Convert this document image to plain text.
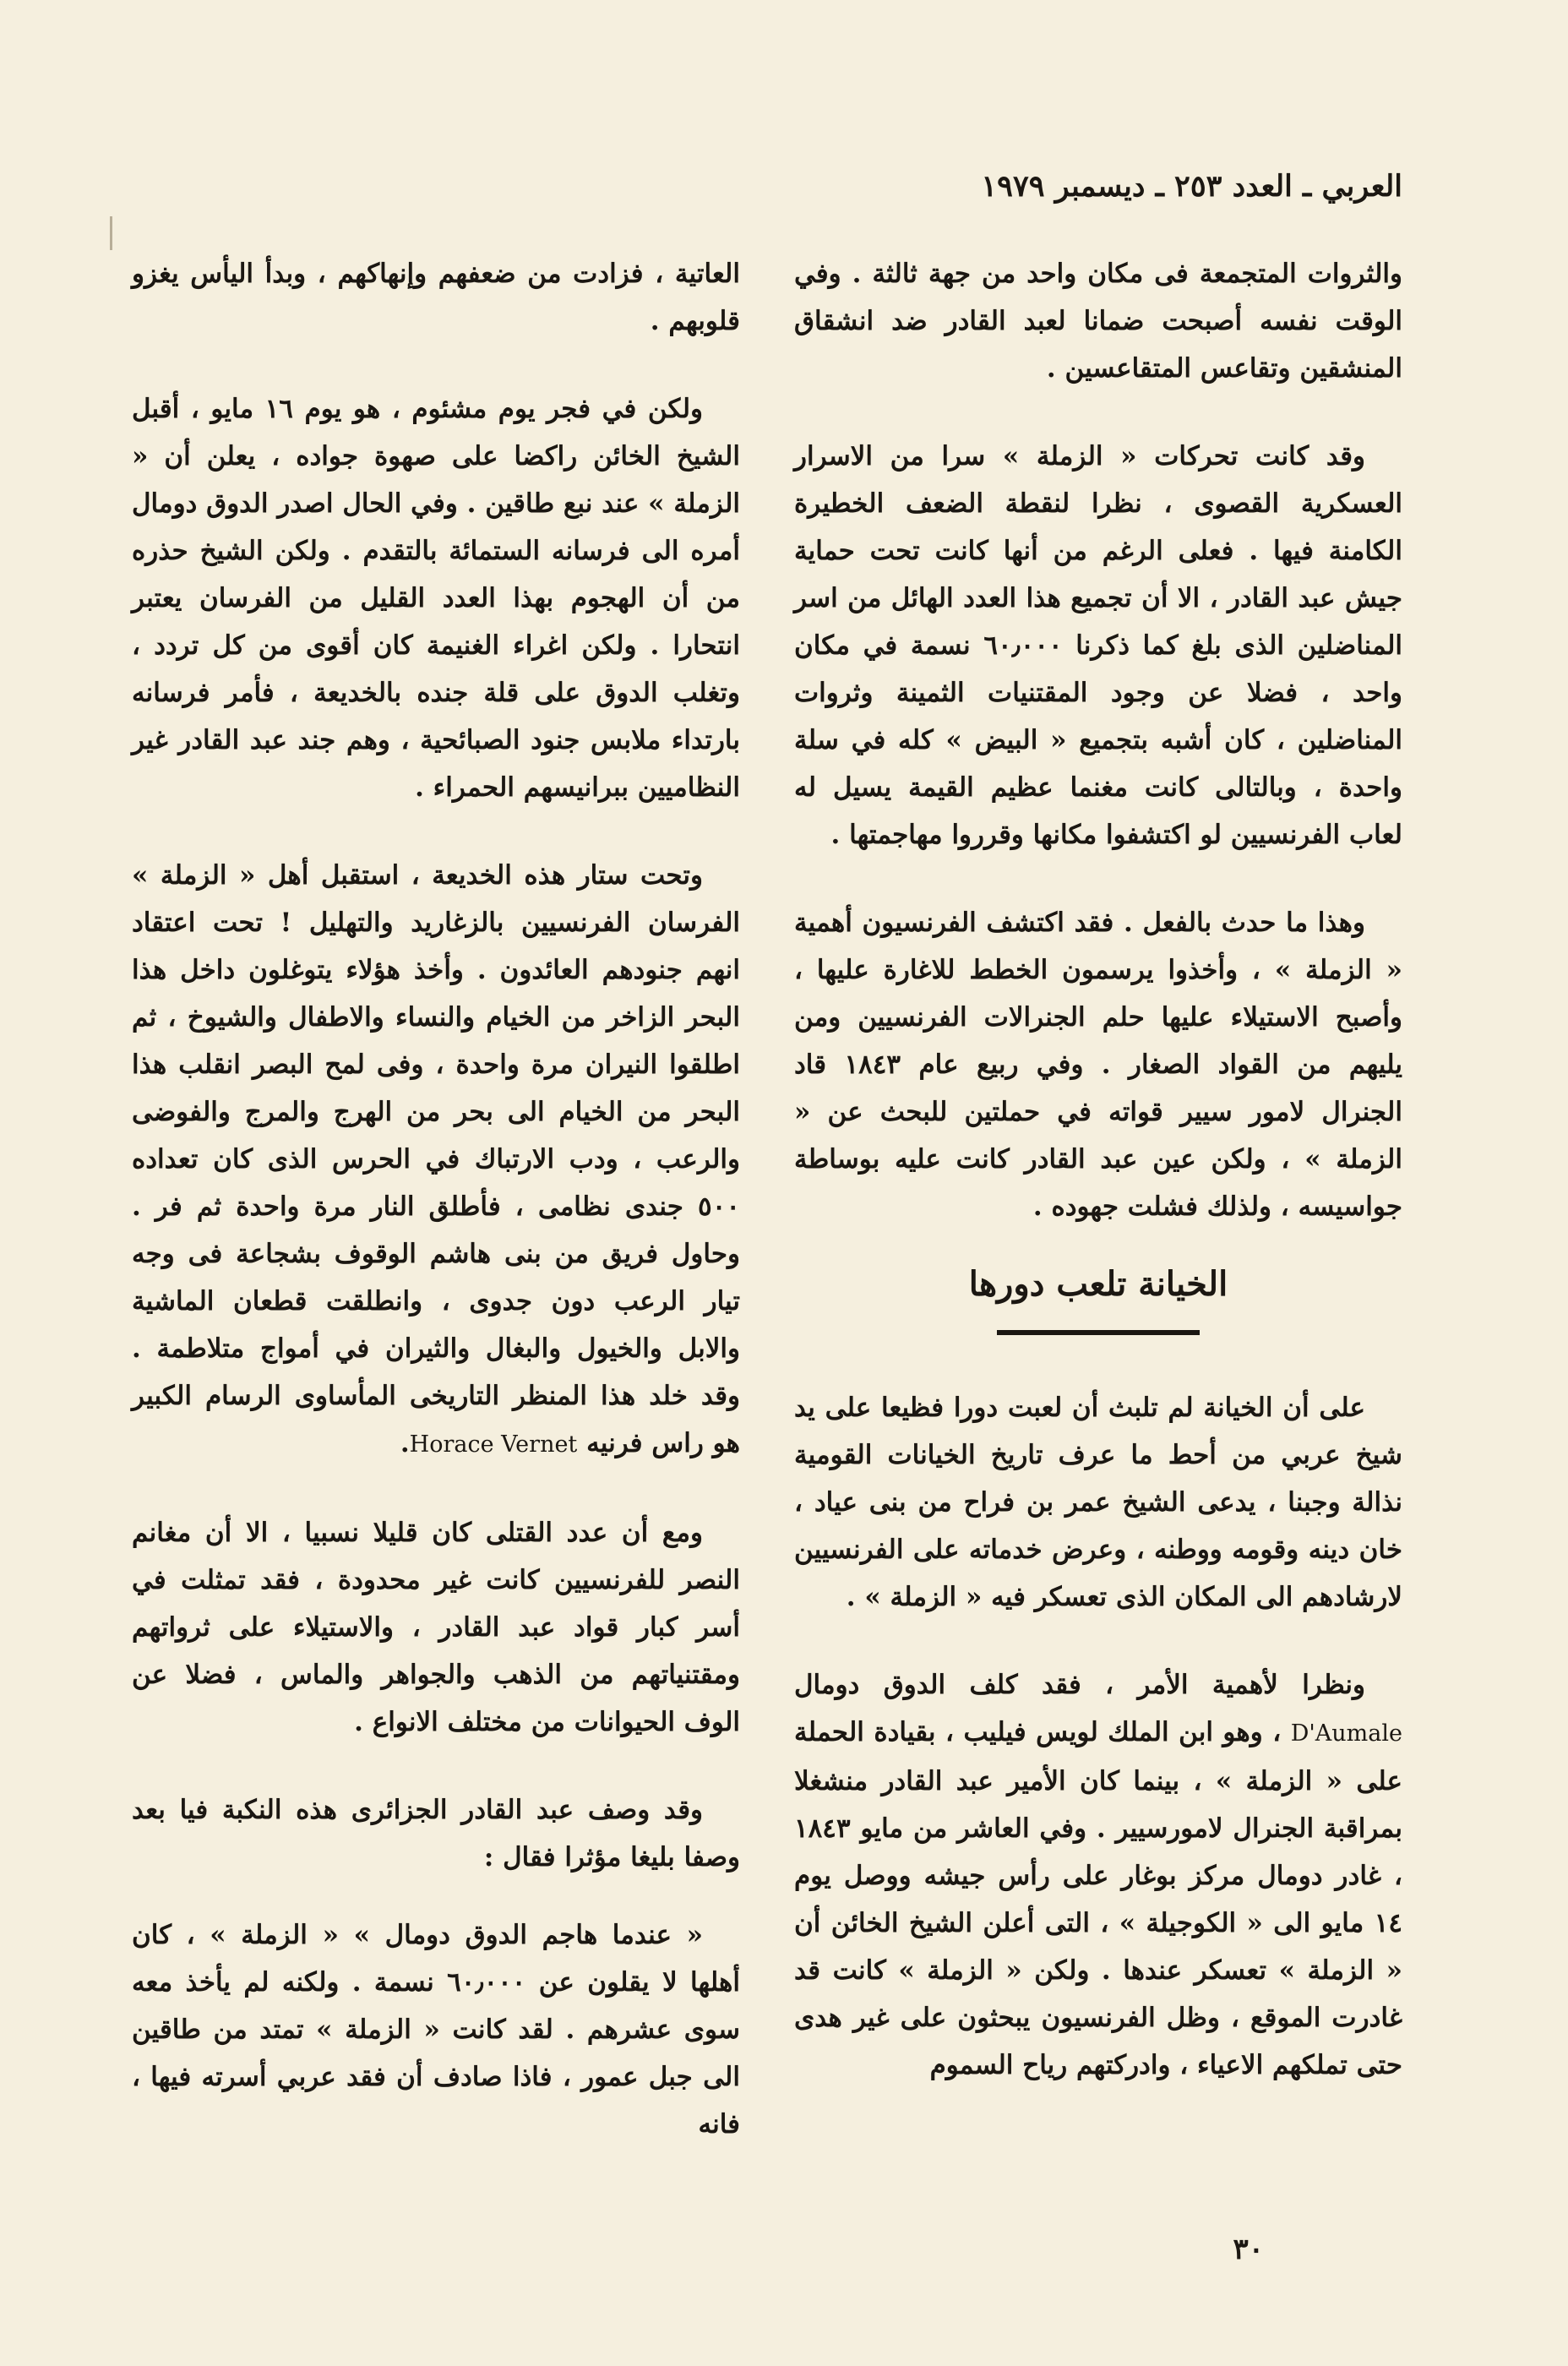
العربي ـ العدد ٢٥٣ ـ ديسمبر ١٩٧٩

والثروات المتجمعة فى مكان واحد من جهة ثالثة . وفي الوقت نفسه أصبحت ضمانا لعبد القادر ضد انشقاق المنشقين وتقاعس المتقاعسين .

وقد كانت تحركات « الزملة » سرا من الاسرار العسكرية القصوى ، نظرا لنقطة الضعف الخطيرة الكامنة فيها . فعلى الرغم من أنها كانت تحت حماية جيش عبد القادر ، الا أن تجميع هذا العدد الهائل من اسر المناضلين الذى بلغ كما ذكرنا ٦٠٫٠٠٠ نسمة في مكان واحد ، فضلا عن وجود المقتنيات الثمينة وثروات المناضلين ، كان أشبه بتجميع « البيض » كله في سلة واحدة ، وبالتالى كانت مغنما عظيم القيمة يسيل له لعاب الفرنسيين لو اكتشفوا مكانها وقرروا مهاجمتها .

وهذا ما حدث بالفعل . فقد اكتشف الفرنسيون أهمية « الزملة » ، وأخذوا يرسمون الخطط للاغارة عليها ، وأصبح الاستيلاء عليها حلم الجنرالات الفرنسيين ومن يليهم من القواد الصغار . وفي ربيع عام ١٨٤٣ قاد الجنرال لامور سيير قواته في حملتين للبحث عن « الزملة » ، ولكن عين عبد القادر كانت عليه بوساطة جواسيسه ، ولذلك فشلت جهوده .

الخيانة تلعب دورها

على أن الخيانة لم تلبث أن لعبت دورا فظيعا على يد شيخ عربي من أحط ما عرف تاريخ الخيانات القومية نذالة وجبنا ، يدعى الشيخ عمر بن فراح من بنى عياد ، خان دينه وقومه ووطنه ، وعرض خدماته على الفرنسيين لارشادهم الى المكان الذى تعسكر فيه « الزملة » .

ونظرا لأهمية الأمر ، فقد كلف الدوق دومال D'Aumale ، وهو ابن الملك لويس فيليب ، بقيادة الحملة على « الزملة » ، بينما كان الأمير عبد القادر منشغلا بمراقبة الجنرال لامورسيير . وفي العاشر من مايو ١٨٤٣ ، غادر دومال مركز بوغار على رأس جيشه ووصل يوم ١٤ مايو الى « الكوجيلة » ، التى أعلن الشيخ الخائن أن « الزملة » تعسكر عندها . ولكن « الزملة » كانت قد غادرت الموقع ، وظل الفرنسيون يبحثون على غير هدى حتى تملكهم الاعياء ، وادركتهم رياح السموم

العاتية ، فزادت من ضعفهم وإنهاكهم ، وبدأ اليأس يغزو قلوبهم .

ولكن في فجر يوم مشئوم ، هو يوم ١٦ مايو ، أقبل الشيخ الخائن راكضا على صهوة جواده ، يعلن أن « الزملة » عند نبع طاقين . وفي الحال اصدر الدوق دومال أمره الى فرسانه الستمائة بالتقدم . ولكن الشيخ حذره من أن الهجوم بهذا العدد القليل من الفرسان يعتبر انتحارا . ولكن اغراء الغنيمة كان أقوى من كل تردد ، وتغلب الدوق على قلة جنده بالخديعة ، فأمر فرسانه بارتداء ملابس جنود الصبائحية ، وهم جند عبد القادر غير النظاميين ببرانيسهم الحمراء .

وتحت ستار هذه الخديعة ، استقبل أهل « الزملة » الفرسان الفرنسيين بالزغاريد والتهليل ! تحت اعتقاد انهم جنودهم العائدون . وأخذ هؤلاء يتوغلون داخل هذا البحر الزاخر من الخيام والنساء والاطفال والشيوخ ، ثم اطلقوا النيران مرة واحدة ، وفى لمح البصر انقلب هذا البحر من الخيام الى بحر من الهرج والمرج والفوضى والرعب ، ودب الارتباك في الحرس الذى كان تعداده ٥٠٠ جندى نظامى ، فأطلق النار مرة واحدة ثم فر . وحاول فريق من بنى هاشم الوقوف بشجاعة فى وجه تيار الرعب دون جدوى ، وانطلقت قطعان الماشية والابل والخيول والبغال والثيران في أمواج متلاطمة . وقد خلد هذا المنظر التاريخى المأساوى الرسام الكبير هو راس فرنيه Horace Vernet.

ومع أن عدد القتلى كان قليلا نسبيا ، الا أن مغانم النصر للفرنسيين كانت غير محدودة ، فقد تمثلت في أسر كبار قواد عبد القادر ، والاستيلاء على ثرواتهم ومقتنياتهم من الذهب والجواهر والماس ، فضلا عن الوف الحيوانات من مختلف الانواع .

وقد وصف عبد القادر الجزائرى هذه النكبة فيا بعد وصفا بليغا مؤثرا فقال :

« عندما هاجم الدوق دومال » « الزملة » ، كان أهلها لا يقلون عن ٦٠٫٠٠٠ نسمة . ولكنه لم يأخذ معه سوى عشرهم . لقد كانت « الزملة » تمتد من طاقين الى جبل عمور ، فاذا صادف أن فقد عربي أسرته فيها ، فانه

٣٠
